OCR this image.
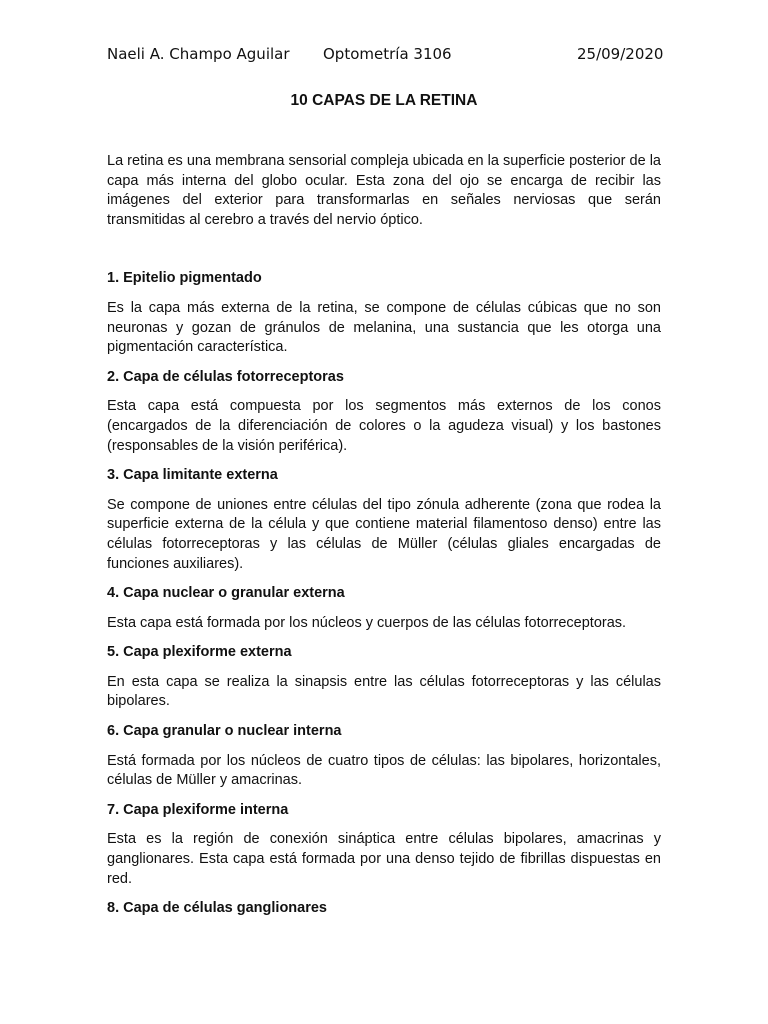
Naeli A. Champo Aguilar Optometría 3106	25/09/2020
10 CAPAS DE LA RETINA

La retina es una membrana sensorial compleja ubicada en la superficie posterior de la capa más interna del globo ocular. Esta zona del ojo se encarga de recibir las imágenes del exterior para transformarlas en señales nerviosas que serán transmitidas al cerebro a través del nervio óptico.

1. Epitelio pigmentado

Es la capa más externa de la retina, se compone de células cúbicas que no son neuronas y gozan de gránulos de melanina, una sustancia que les otorga una pigmentación característica.

2. Capa de células fotorreceptoras

Esta capa está compuesta por los segmentos más externos de los conos (encargados de la diferenciación de colores o la agudeza visual) y los bastones (responsables de la visión periférica).

3. Capa limitante externa

Se compone de uniones entre células del tipo zónula adherente (zona que rodea la superficie externa de la célula y que contiene material filamentoso denso) entre las células fotorreceptoras y las células de Müller (células gliales encargadas de funciones auxiliares).

4. Capa nuclear o granular externa

Esta capa está formada por los núcleos y cuerpos de las células fotorreceptoras.

5. Capa plexiforme externa

En esta capa se realiza la sinapsis entre las células fotorreceptoras y las células bipolares.

6. Capa granular o nuclear interna

Está formada por los núcleos de cuatro tipos de células: las bipolares, horizontales, células de Müller y amacrinas.

7. Capa plexiforme interna

Esta es la región de conexión sináptica entre células bipolares, amacrinas y ganglionares. Esta capa está formada por una denso tejido de fibrillas dispuestas en red.

8. Capa de células ganglionares
